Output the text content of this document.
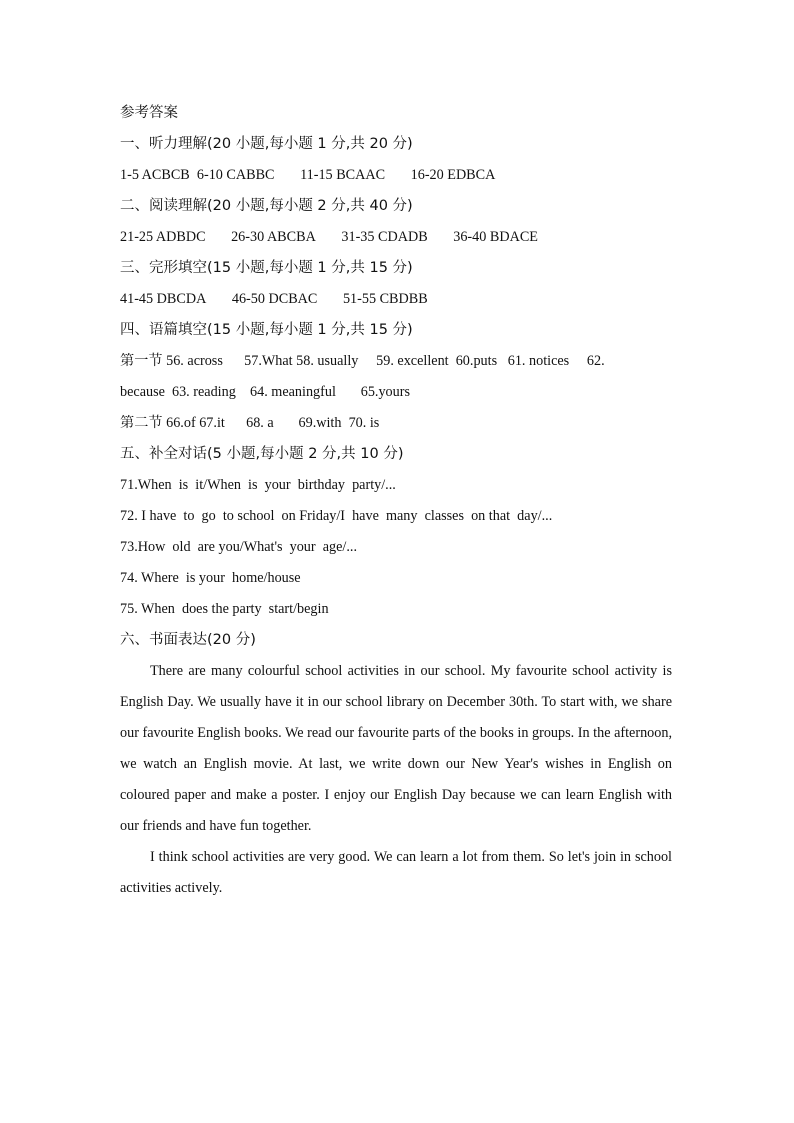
参考答案
一、听力理解(20 小题,每小题 1 分,共 20 分)
1-5 ACBCB 6-10 CABBC 11-15 BCAAC 16-20 EDBCA
二、阅读理解(20 小题,每小题 2 分,共 40 分)
21-25 ADBDC 26-30 ABCBA 31-35 CDADB 36-40 BDACE
三、完形填空(15 小题,每小题 1 分,共 15 分)
41-45 DBCDA 46-50 DCBAC 51-55 CBDBB
四、语篇填空(15 小题,每小题 1 分,共 15 分)
第一节 56. across      57.What 58. usually     59. excellent  60.puts   61. notices     62.
because  63. reading    64. meaningful       65.yours
第二节 66.of 67.it      68. a       69.with  70. is
五、补全对话(5 小题,每小题 2 分,共 10 分)
71.When  is  it/When  is  your  birthday  party/...
72. I have  to  go  to school  on Friday/I  have  many  classes  on that  day/...
73.How  old  are you/What's  your  age/...
74. Where  is your  home/house
75. When  does the party  start/begin
六、书面表达(20 分)

There are many colourful school activities in our school. My favourite school activity is English Day. We usually have it in our school library on December 30th. To start with, we share our favourite English books. We read our favourite parts of the books in groups. In the afternoon, we watch an English movie. At last, we write down our New Year's wishes in English on coloured paper and make a poster. I enjoy our English Day because we can learn English with our friends and have fun together.

I think school activities are very good. We can learn a lot from them. So let's join in school activities actively.
